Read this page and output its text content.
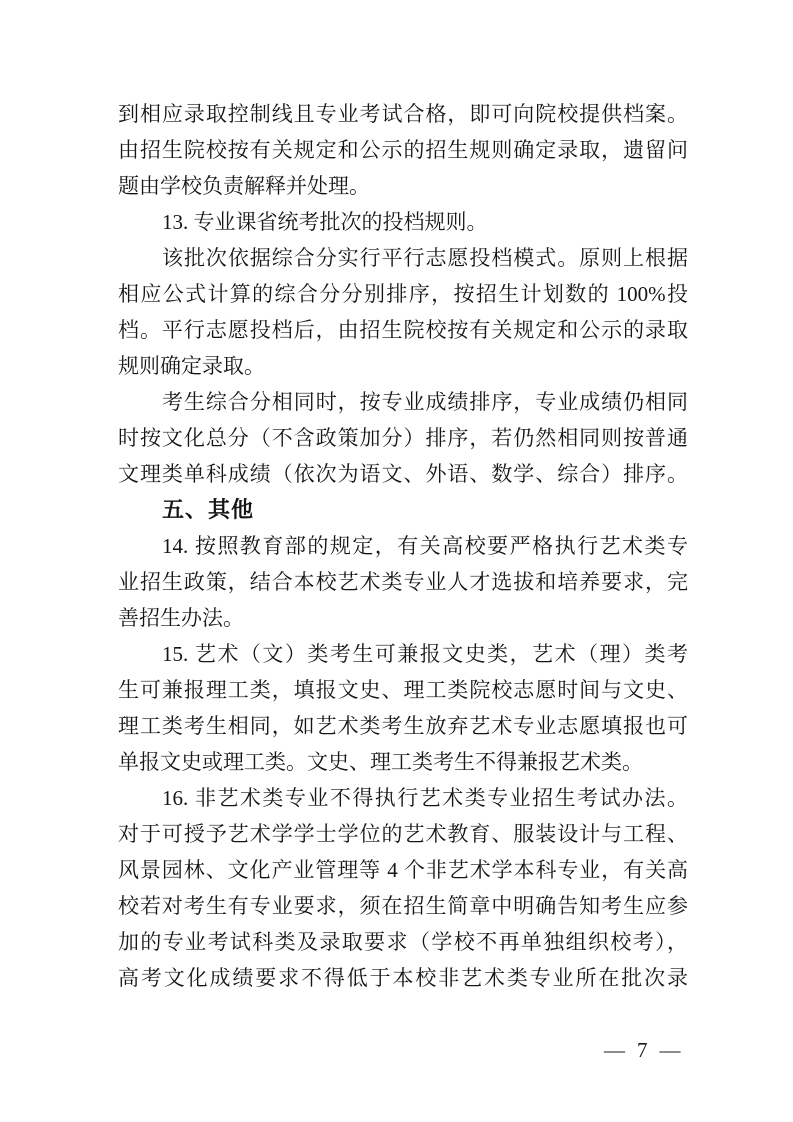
到相应录取控制线且专业考试合格，即可向院校提供档案。
由招生院校按有关规定和公示的招生规则确定录取，遗留问
题由学校负责解释并处理。
13. 专业课省统考批次的投档规则。
该批次依据综合分实行平行志愿投档模式。原则上根据
相应公式计算的综合分分别排序，按招生计划数的 100%投
档。平行志愿投档后，由招生院校按有关规定和公示的录取
规则确定录取。
考生综合分相同时，按专业成绩排序，专业成绩仍相同
时按文化总分（不含政策加分）排序，若仍然相同则按普通
文理类单科成绩（依次为语文、外语、数学、综合）排序。
五、其他
14. 按照教育部的规定，有关高校要严格执行艺术类专
业招生政策，结合本校艺术类专业人才选拔和培养要求，完
善招生办法。
15. 艺术（文）类考生可兼报文史类，艺术（理）类考
生可兼报理工类，填报文史、理工类院校志愿时间与文史、
理工类考生相同，如艺术类考生放弃艺术专业志愿填报也可
单报文史或理工类。文史、理工类考生不得兼报艺术类。
16. 非艺术类专业不得执行艺术类专业招生考试办法。
对于可授予艺术学学士学位的艺术教育、服装设计与工程、
风景园林、文化产业管理等 4 个非艺术学本科专业，有关高
校若对考生有专业要求，须在招生简章中明确告知考生应参
加的专业考试科类及录取要求（学校不再单独组织校考），
高考文化成绩要求不得低于本校非艺术类专业所在批次录
— 7 —
